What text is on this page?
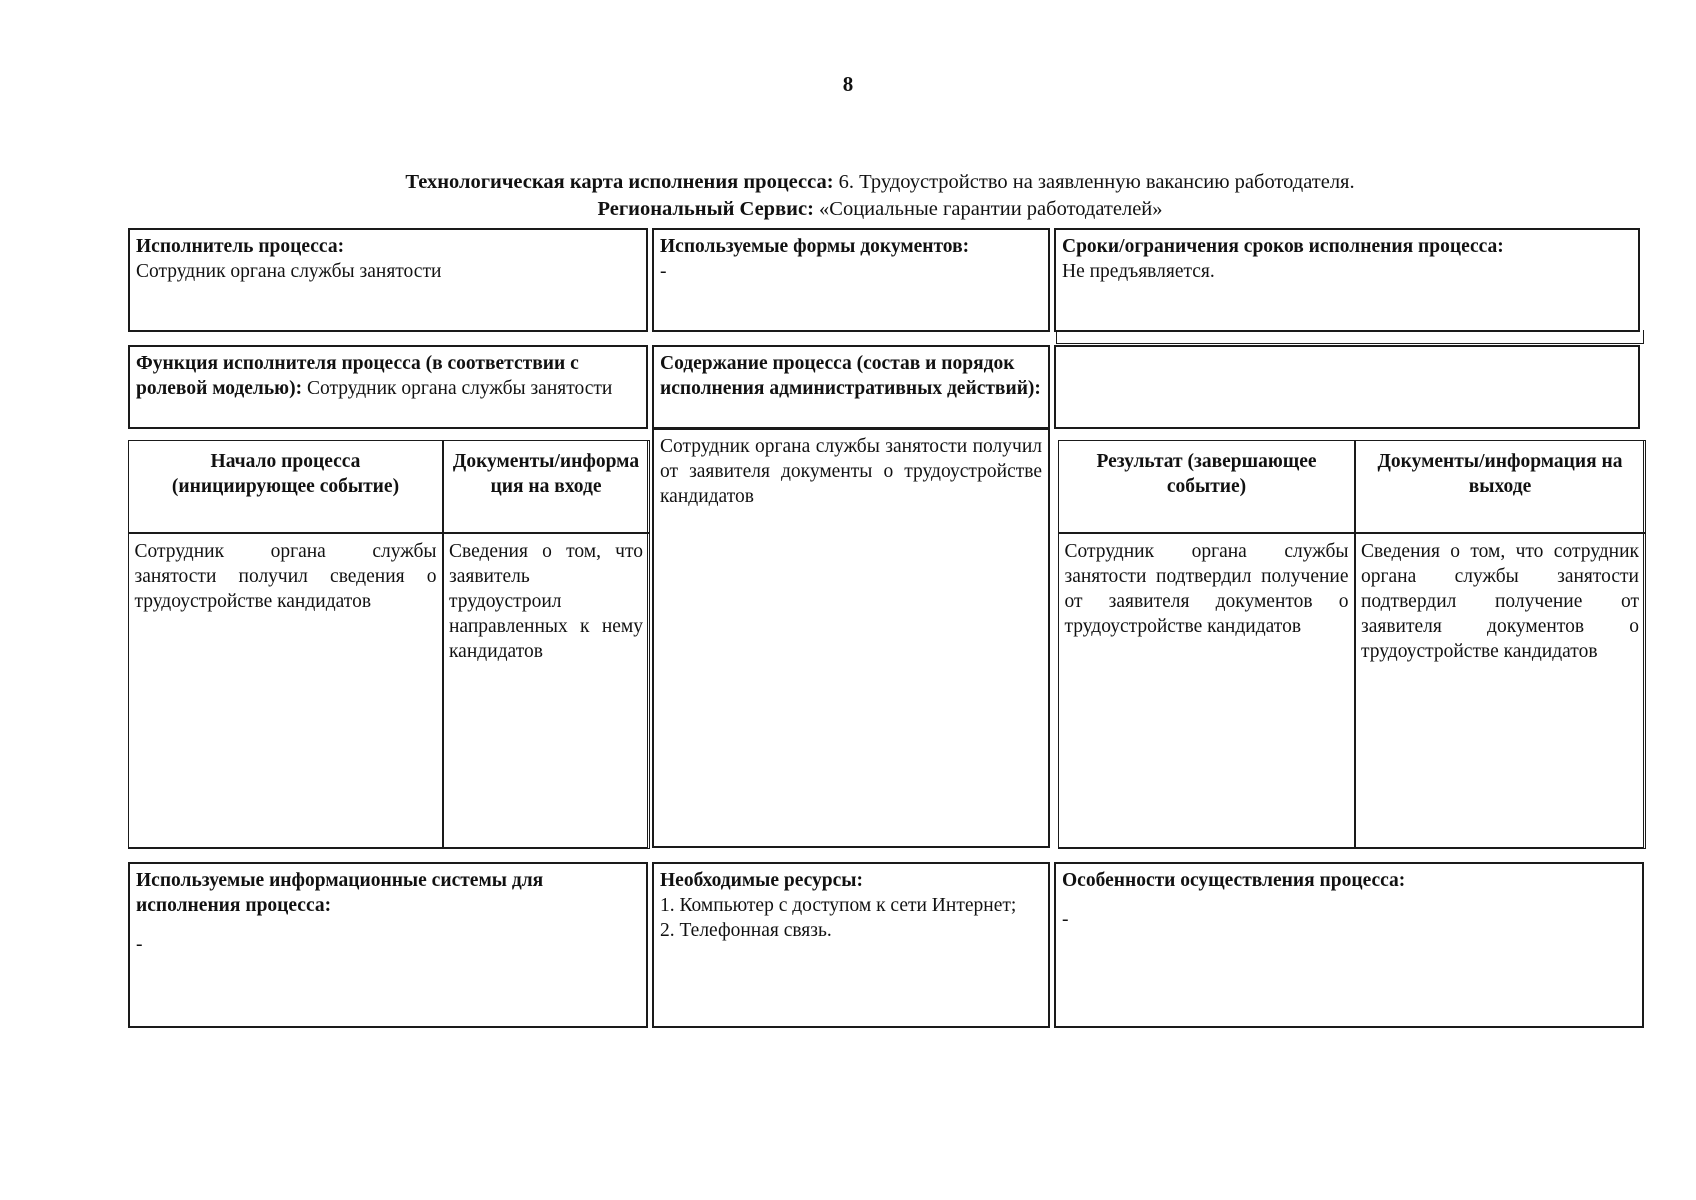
8
Технологическая карта исполнения процесса: 6. Трудоустройство на заявленную вакансию работодателя.
Региональный Сервис: «Социальные гарантии работодателей»
Исполнитель процесса:
Сотрудник органа службы занятости
Используемые формы документов:
-
Сроки/ограничения сроков исполнения процесса:
Не предъявляется.
Функция исполнителя процесса (в соответствии с ролевой моделью): Сотрудник органа службы занятости
Содержание процесса (состав и порядок исполнения административных действий):
Сотрудник органа службы занятости получил от заявителя документы о трудоустройстве кандидатов
Начало процесса (инициирующее событие)
Документы/информация на входе
Сотрудник органа службы занятости получил сведения о трудоустройстве кандидатов
Сведения о том, что заявитель трудоустроил направленных к нему кандидатов
Результат (завершающее событие)
Документы/информация на выходе
Сотрудник органа службы занятости подтвердил получение от заявителя документов о трудоустройстве кандидатов
Сведения о том, что сотрудник органа службы занятости подтвердил получение от заявителя документов о трудоустройстве кандидатов
Используемые информационные системы для исполнения процесса:
-
Необходимые ресурсы:
1. Компьютер с доступом к сети Интернет;
2. Телефонная связь.
Особенности осуществления процесса:
-
